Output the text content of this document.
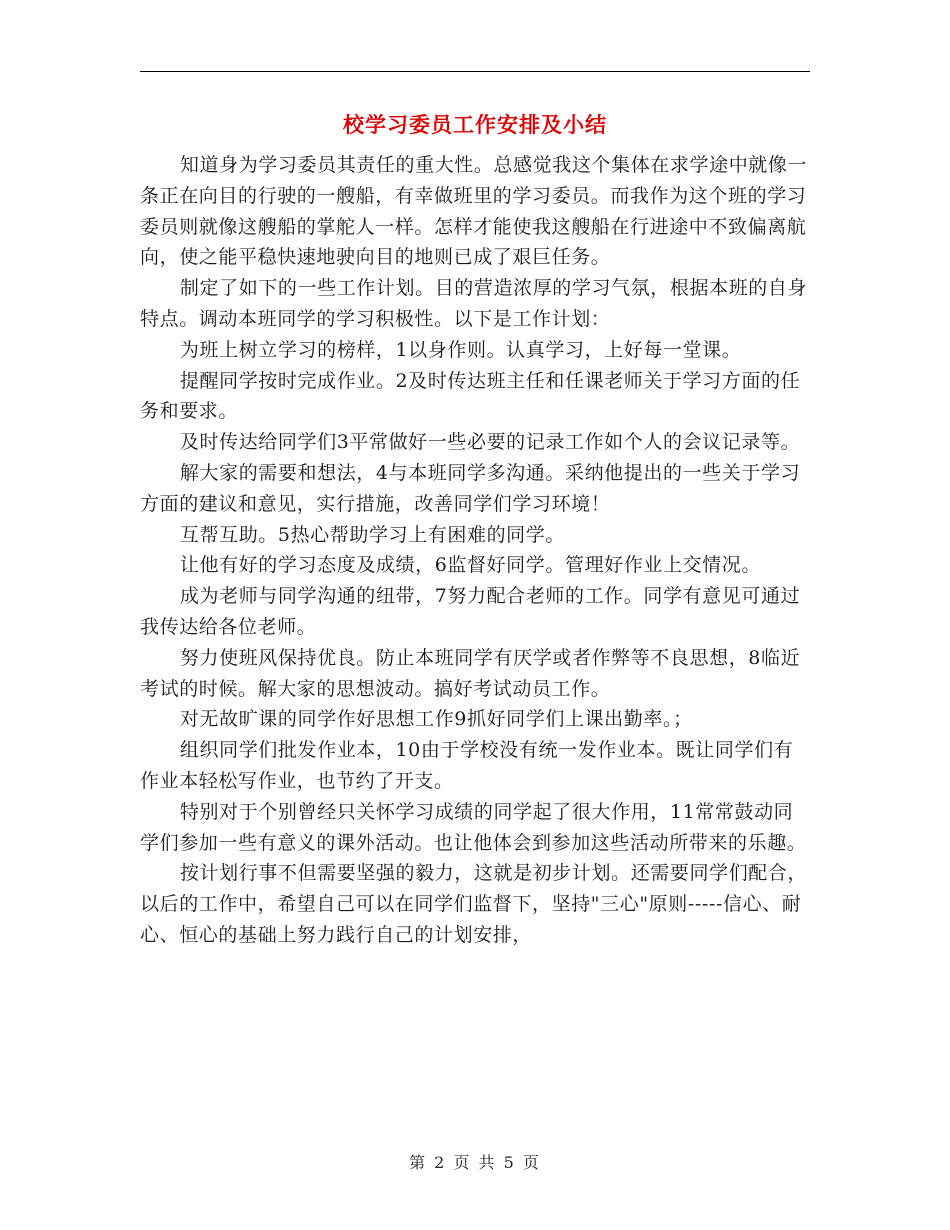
校学习委员工作安排及小结

知道身为学习委员其责任的重大性。总感觉我这个集体在求学途中就像一条正在向目的行驶的一艘船，有幸做班里的学习委员。而我作为这个班的学习委员则就像这艘船的掌舵人一样。怎样才能使我这艘船在行进途中不致偏离航向，使之能平稳快速地驶向目的地则已成了艰巨任务。

制定了如下的一些工作计划。目的营造浓厚的学习气氛，根据本班的自身特点。调动本班同学的学习积极性。以下是工作计划：

为班上树立学习的榜样，1以身作则。认真学习，上好每一堂课。

提醒同学按时完成作业。2及时传达班主任和任课老师关于学习方面的任务和要求。

及时传达给同学们3平常做好一些必要的记录工作如个人的会议记录等。

解大家的需要和想法，4与本班同学多沟通。采纳他提出的一些关于学习方面的建议和意见，实行措施，改善同学们学习环境！

互帮互助。5热心帮助学习上有困难的同学。

让他有好的学习态度及成绩，6监督好同学。管理好作业上交情况。

成为老师与同学沟通的纽带，7努力配合老师的工作。同学有意见可通过我传达给各位老师。

努力使班风保持优良。防止本班同学有厌学或者作弊等不良思想，8临近考试的时候。解大家的思想波动。搞好考试动员工作。

对无故旷课的同学作好思想工作9抓好同学们上课出勤率。；

组织同学们批发作业本，10由于学校没有统一发作业本。既让同学们有作业本轻松写作业，也节约了开支。

特别对于个别曾经只关怀学习成绩的同学起了很大作用，11常常鼓动同学们参加一些有意义的课外活动。也让他体会到参加这些活动所带来的乐趣。

按计划行事不但需要坚强的毅力，这就是初步计划。还需要同学们配合，以后的工作中，希望自己可以在同学们监督下，坚持"三心"原则-----信心、耐心、恒心的基础上努力践行自己的计划安排，

第 2 页 共 5 页
